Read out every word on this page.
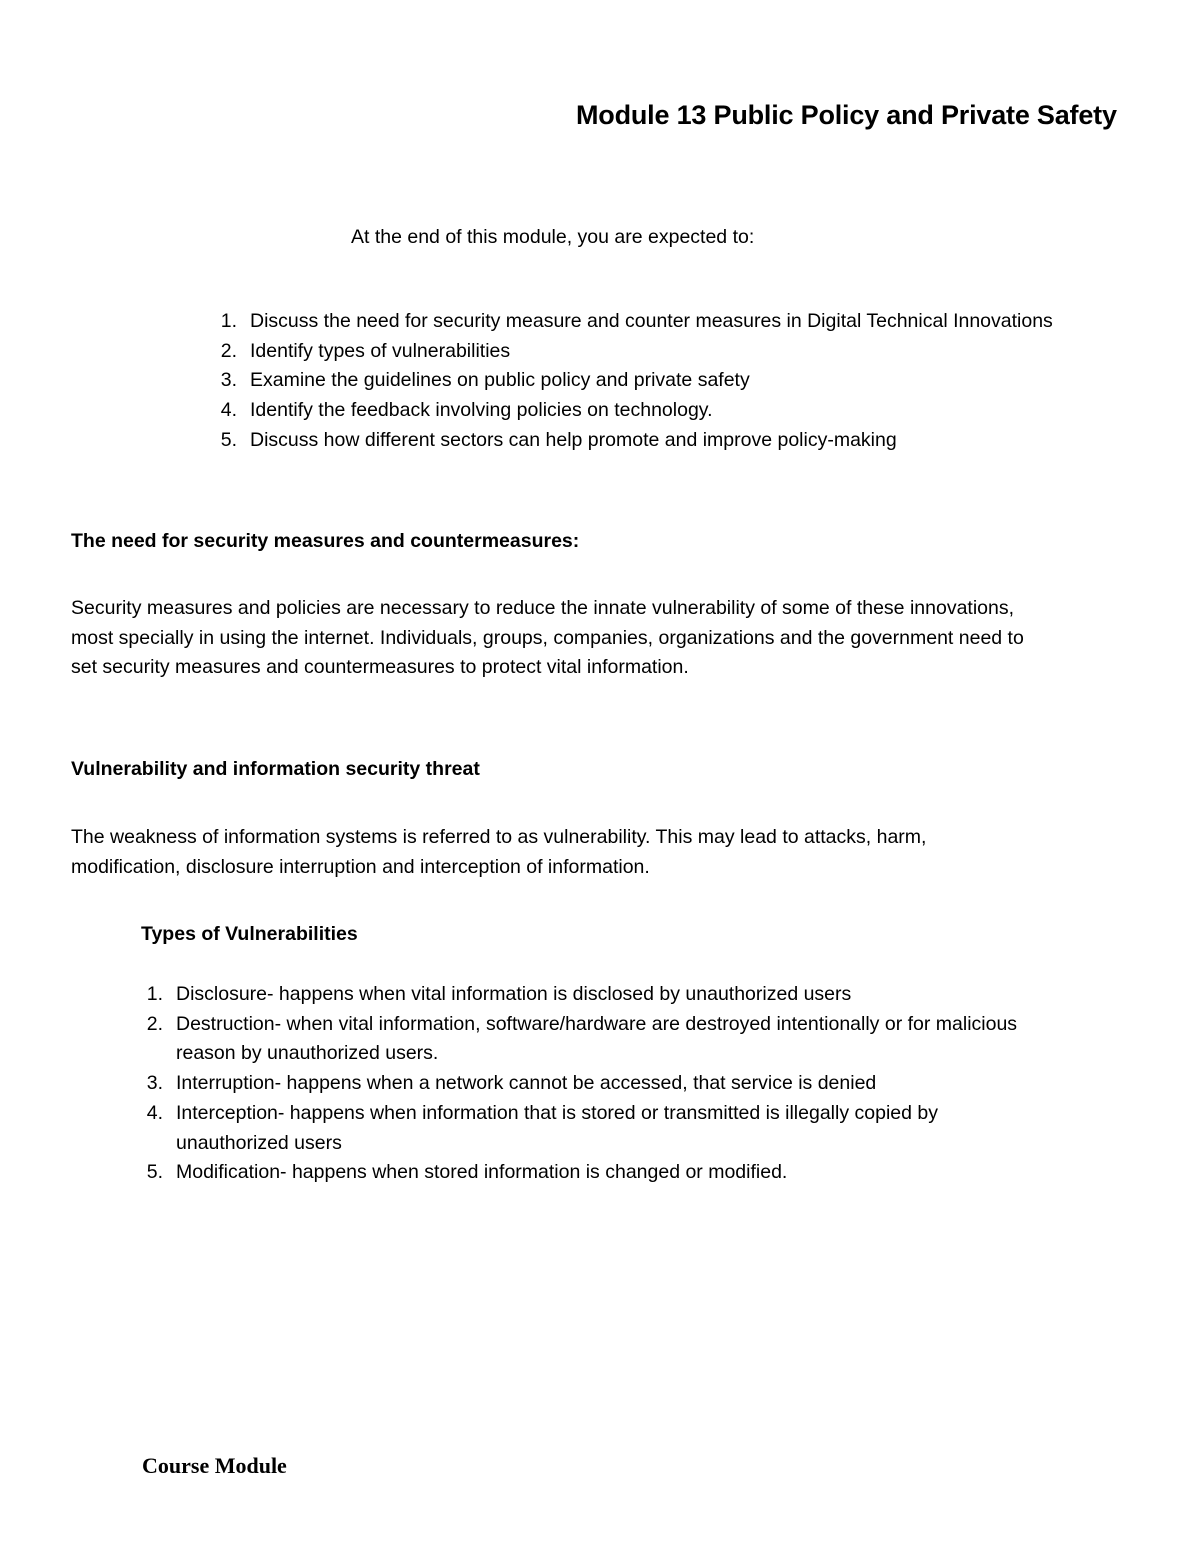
Module 13 Public Policy and Private Safety

At the end of this module, you are expected to:

1. Discuss the need for security measure and counter measures in Digital Technical Innovations
2. Identify types of vulnerabilities
3. Examine the guidelines on public policy and private safety
4. Identify the feedback involving policies on technology.
5. Discuss how different sectors can help promote and improve policy-making
The need for security measures and countermeasures:
Security measures and policies are necessary to reduce the innate vulnerability of some of these innovations,
most specially in using the internet. Individuals, groups, companies, organizations and the government need to
set security measures and countermeasures to protect vital information.
Vulnerability and information security threat
The weakness of information systems is referred to as vulnerability. This may lead to attacks, harm,
modification, disclosure interruption and interception of information.
Types of Vulnerabilities
1. Disclosure- happens when vital information is disclosed by unauthorized users
2. Destruction- when vital information, software/hardware are destroyed intentionally or for malicious
reason by unauthorized users.
3. Interruption- happens when a network cannot be accessed, that service is denied
4. Interception- happens when information that is stored or transmitted is illegally copied by
unauthorized users
5. Modification- happens when stored information is changed or modified.
Course Module
